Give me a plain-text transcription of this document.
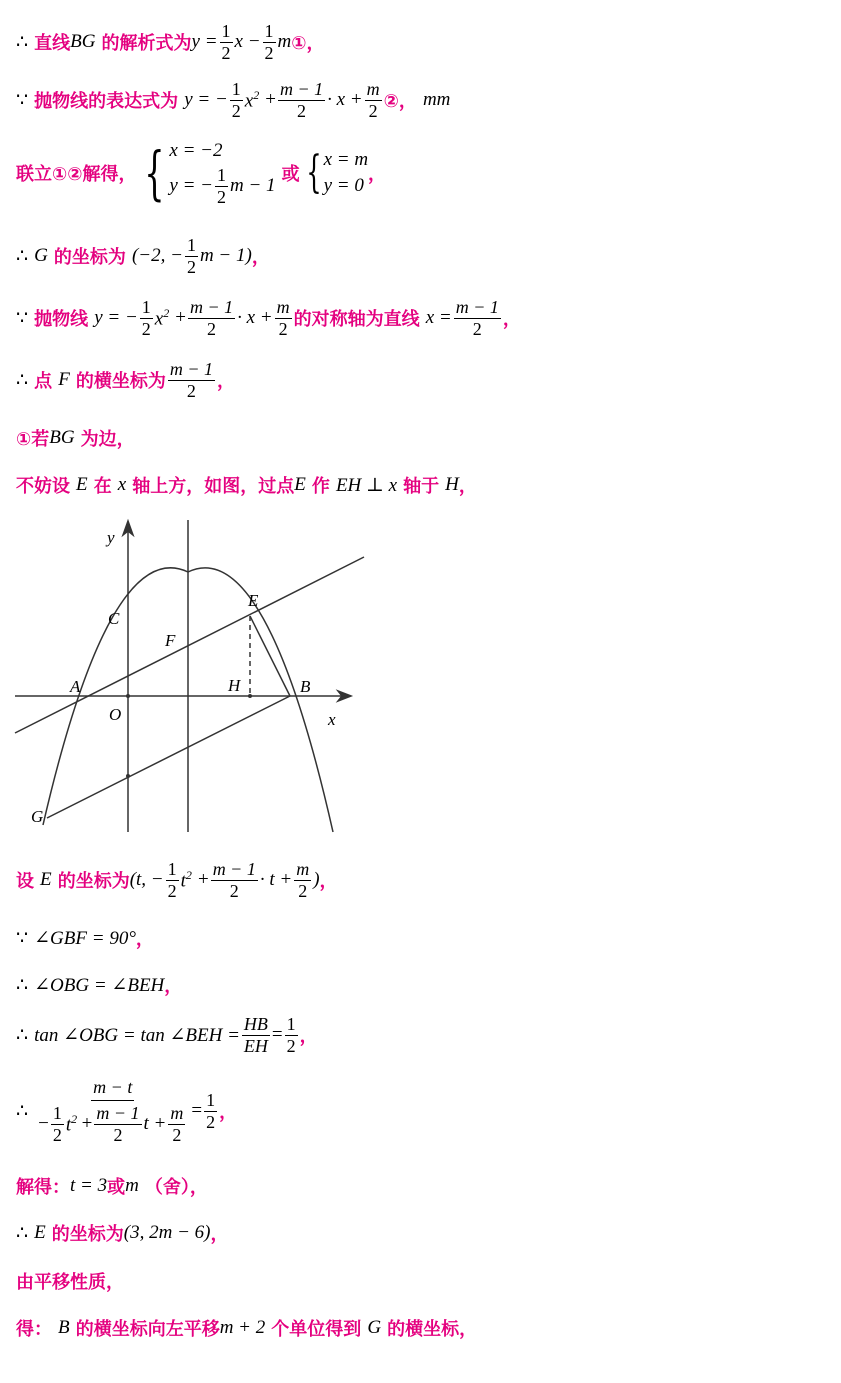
∴
直线 BG
的解析式为 $y = \frac{1}{2}$ $x - \frac{1}{2}$ m ①，
∵
抛物线的表达式为
y = − $\frac{1}{2} x^2$
+ $\frac{m - 1}{2} \cdot x + \frac{m}{2}$ ②，
mm
联立①②解得， { x = −2
y = − $\frac{1}{2}$ m − 1

或 { x = m
y = 0
，
∴
G
的坐标为
(−2, − $\frac{1}{2}$ m − 1) ，
∵
抛物线
y = − $\frac{1}{2} x^2$
+ $\frac{m - 1}{2} \cdot x + \frac{m}{2}$ 的对称轴为直线
$x = \frac{m - 1}{2}$ ，
∴
点
F
的横坐标为 $\frac{m - 1}{2}$ ，
①若 BG
为边，
不妨设
E
在
x
轴上方，如图，过点 E
作
EH ⊥ x
轴于
H ，
y
C
E
F
A	H	B
O	x
G
设
E
的坐标为 (t, − $\frac{1}{2} t^2$
+ $\frac{m - 1}{2} \cdot t + \frac{m}{2}$ ) ，
∵
∠GBF = 90° ，
∴
∠OBG = ∠BEH ，
∴
tan ∠OBG = tan ∠BEH = $\frac{HB}{EH} = \frac{1}{2}$ ，
∴
m − t
− $\frac{1}{2} t^2$
+ $\frac{m - 1}{2}$ $t + \frac{m}{2} = \frac{1}{2}$ ，
解得： t = 3 或 m
（舍），
∴
E
的坐标为 (3, 2m − 6) ，
由平移性质，
得：
B
的横坐标向左平移 m + 2
个单位得到
G
的横坐标，
